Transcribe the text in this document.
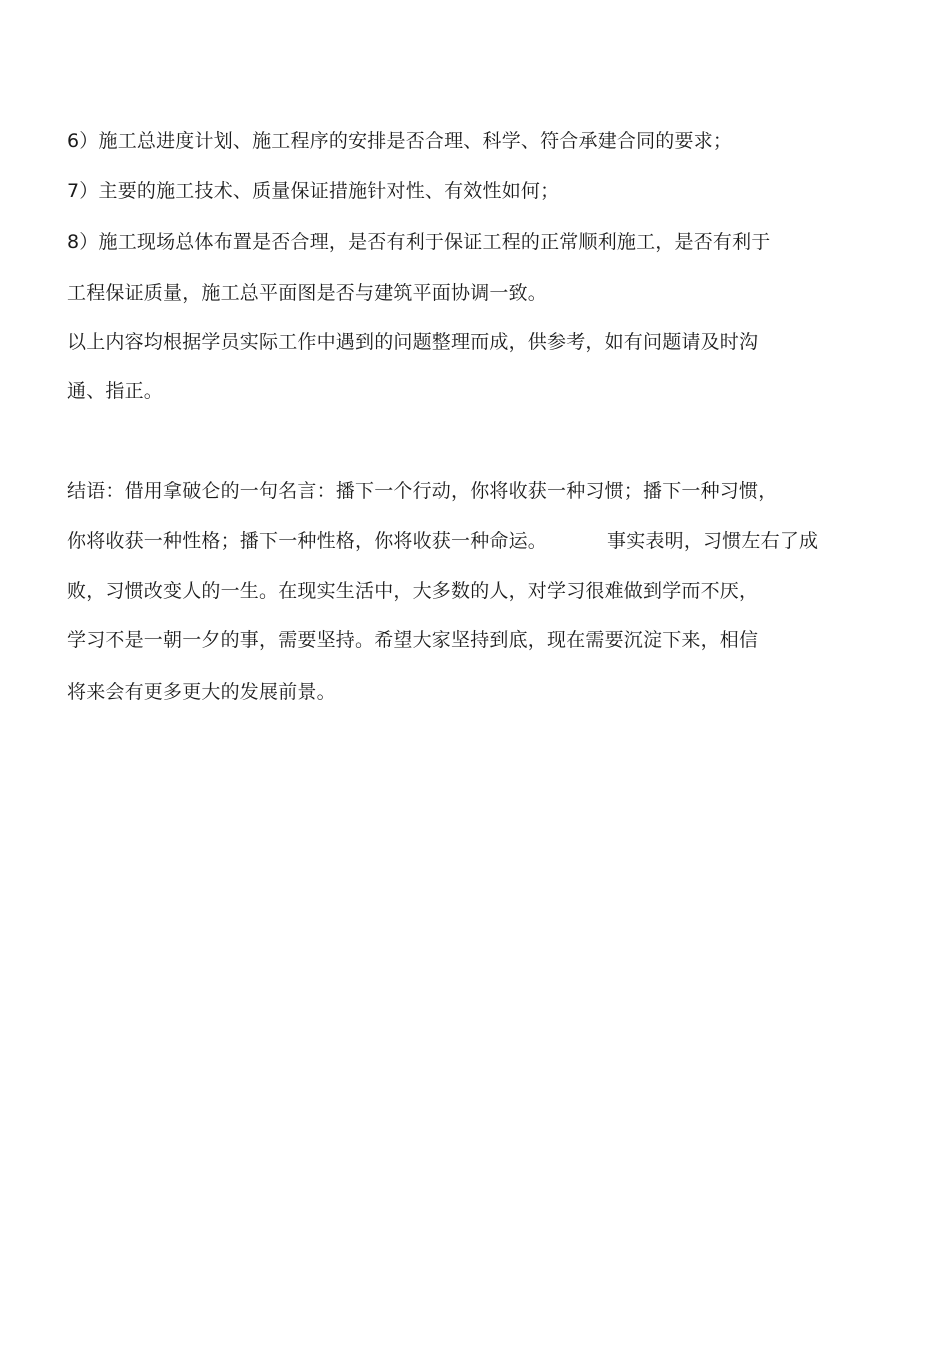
6）施工总进度计划、施工程序的安排是否合理、科学、符合承建合同的要求；
7）主要的施工技术、质量保证措施针对性、有效性如何；
8）施工现场总体布置是否合理，是否有利于保证工程的正常顺利施工，是否有利于
工程保证质量，施工总平面图是否与建筑平面协调一致。
以上内容均根据学员实际工作中遇到的问题整理而成，供参考，如有问题请及时沟
通、指正。
结语：借用拿破仑的一句名言：播下一个行动，你将收获一种习惯；播下一种习惯，
你将收获一种性格；播下一种性格，你将收获一种命运。	事实表明，习惯左右了成
败，习惯改变人的一生。在现实生活中，大多数的人，对学习很难做到学而不厌，
学习不是一朝一夕的事，需要坚持。希望大家坚持到底，现在需要沉淀下来，相信
将来会有更多更大的发展前景。
